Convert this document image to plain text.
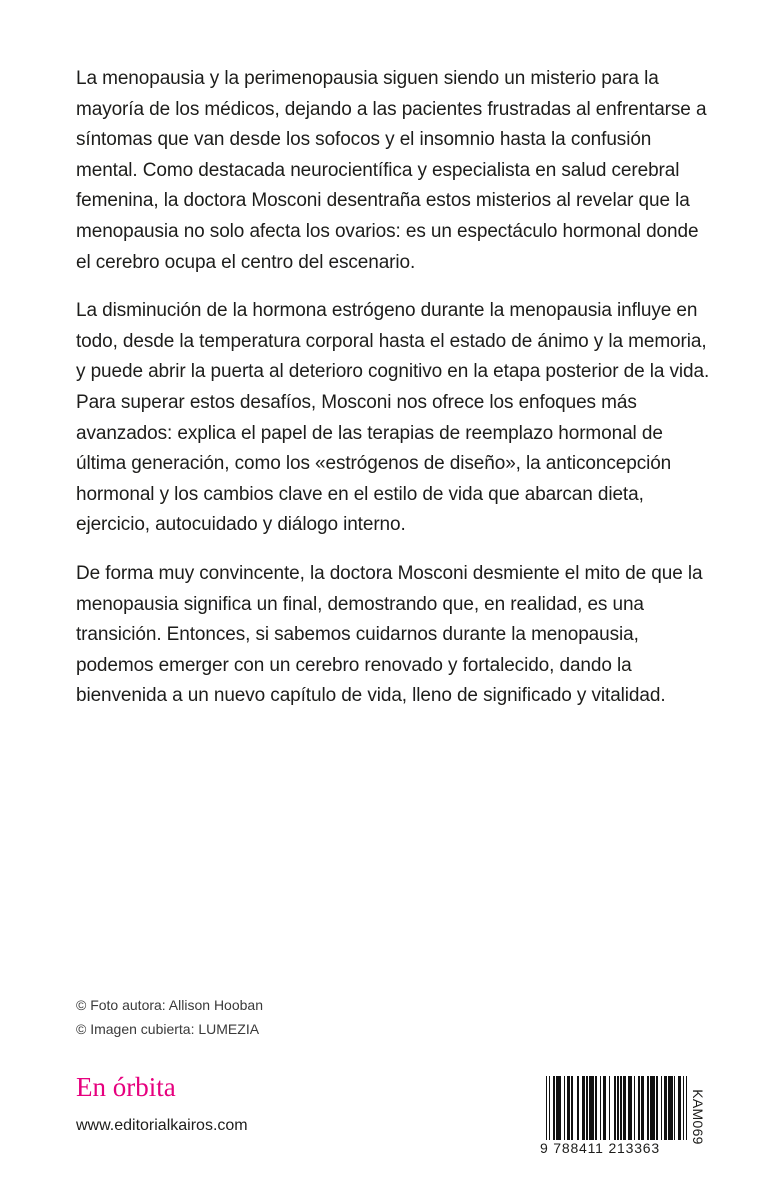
La menopausia y la perimenopausia siguen siendo un misterio para la mayoría de los médicos, dejando a las pacientes frustradas al enfrentarse a síntomas que van desde los sofocos y el insomnio hasta la confusión mental. Como destacada neurocientífica y especialista en salud cerebral femenina, la doctora Mosconi desentraña estos misterios al revelar que la menopausia no solo afecta los ovarios: es un espectáculo hormonal donde el cerebro ocupa el centro del escenario.

La disminución de la hormona estrógeno durante la menopausia influye en todo, desde la temperatura corporal hasta el estado de ánimo y la memoria, y puede abrir la puerta al deterioro cognitivo en la etapa posterior de la vida. Para superar estos desafíos, Mosconi nos ofrece los enfoques más avanzados: explica el papel de las terapias de reemplazo hormonal de última generación, como los «estrógenos de diseño», la anticoncepción hormonal y los cambios clave en el estilo de vida que abarcan dieta, ejercicio, autocuidado y diálogo interno.

De forma muy convincente, la doctora Mosconi desmiente el mito de que la menopausia significa un final, demostrando que, en realidad, es una transición. Entonces, si sabemos cuidarnos durante la menopausia, podemos emerger con un cerebro renovado y fortalecido, dando la bienvenida a un nuevo capítulo de vida, lleno de significado y vitalidad.

© Foto autora: Allison Hooban
© Imagen cubierta: LUMEZIA
En órbita
www.editorialkairos.com
9 788411 213363
KAM069
